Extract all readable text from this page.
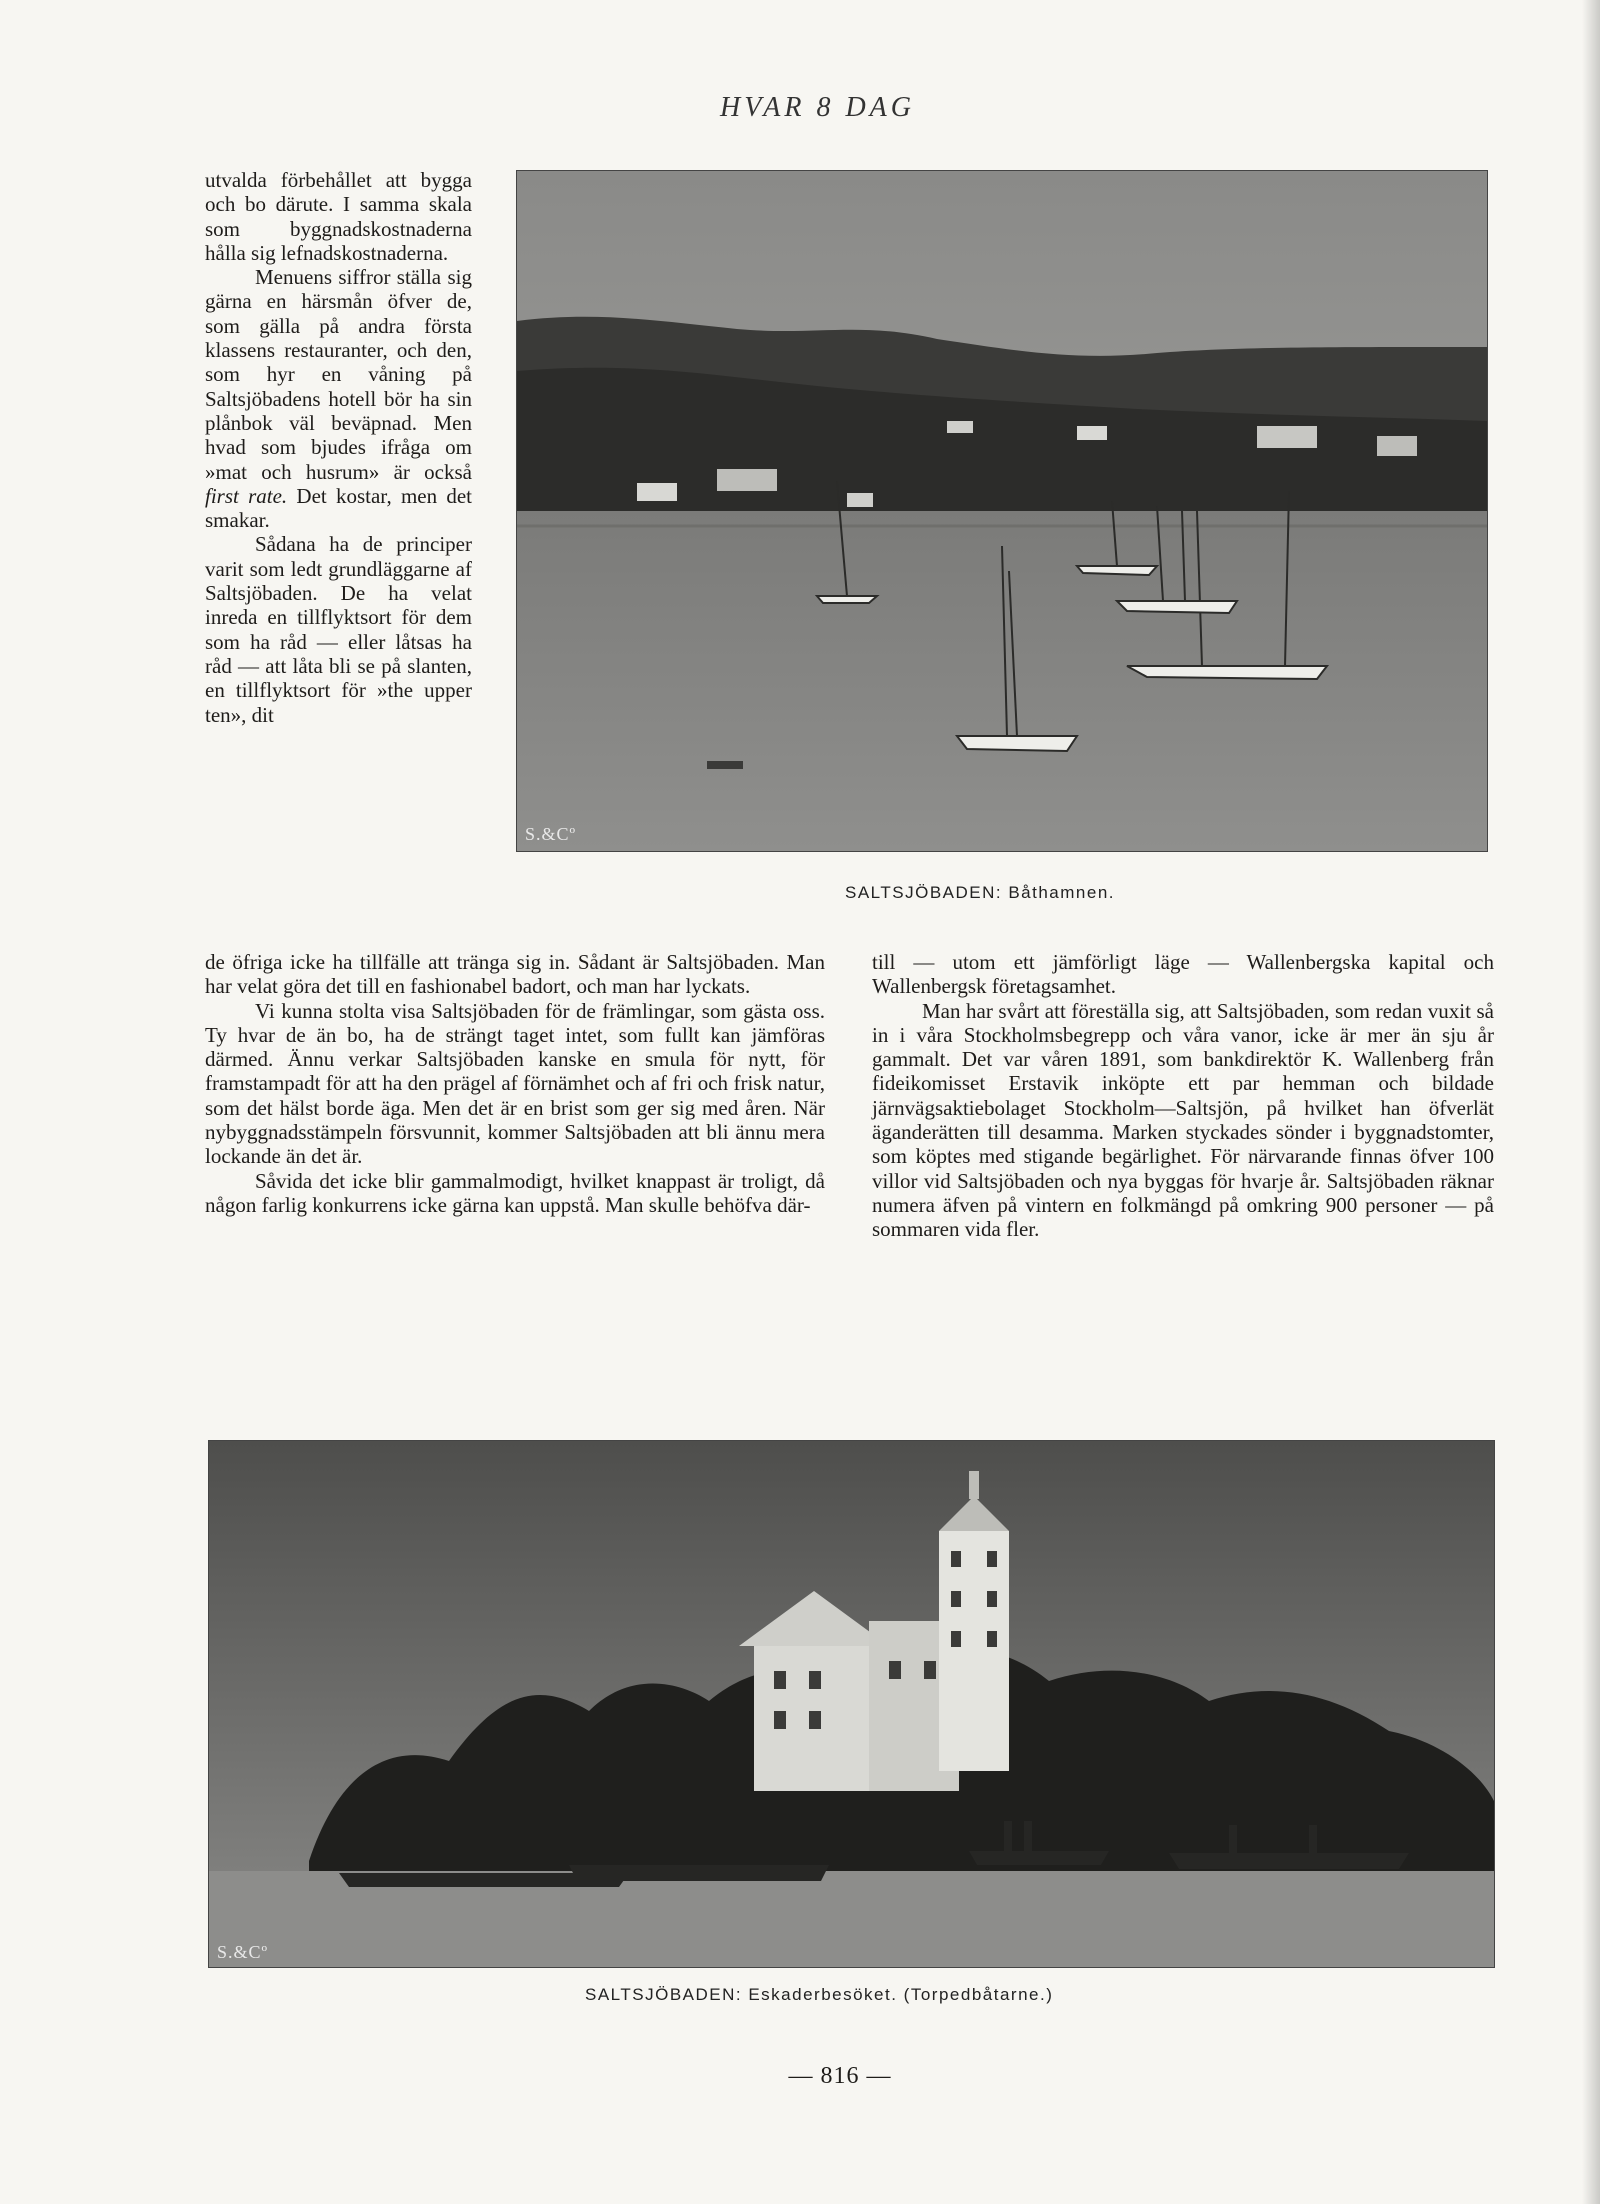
HVAR 8 DAG
S.&Cº
SALTSJÖBADEN: Båthamnen.

utvalda förbehållet att bygga och bo därute. I samma skala som byggnadskostnaderna hålla sig lefnadskostnaderna.

Menuens siffror ställa sig gärna en härsmån öfver de, som gälla på andra första klassens restauranter, och den, som hyr en våning på Saltsjöbadens hotell bör ha sin plånbok väl beväpnad. Men hvad som bjudes ifråga om »mat och husrum» är också first rate. Det kostar, men det smakar.

Sådana ha de principer varit som ledt grundläggarne af Saltsjöbaden. De ha velat inreda en tillflyktsort för dem som ha råd — eller låtsas ha råd — att låta bli se på slanten, en tillflyktsort för »the upper ten», dit

de öfriga icke ha tillfälle att tränga sig in. Sådant är Saltsjöbaden. Man har velat göra det till en fashionabel badort, och man har lyckats.

Vi kunna stolta visa Saltsjöbaden för de främlingar, som gästa oss. Ty hvar de än bo, ha de strängt taget intet, som fullt kan jämföras därmed. Ännu verkar Saltsjöbaden kanske en smula för nytt, för framstampadt för att ha den prägel af förnämhet och af fri och frisk natur, som det hälst borde äga. Men det är en brist som ger sig med åren. När nybyggnadsstämpeln försvunnit, kommer Saltsjöbaden att bli ännu mera lockande än det är.

Såvida det icke blir gammalmodigt, hvilket knappast är troligt, då någon farlig konkurrens icke gärna kan uppstå. Man skulle behöfva där-

till — utom ett jämförligt läge — Wallenbergska kapital och Wallenbergsk företagsamhet.

Man har svårt att föreställa sig, att Saltsjöbaden, som redan vuxit så in i våra Stockholmsbegrepp och våra vanor, icke är mer än sju år gammalt. Det var våren 1891, som bankdirektör K. Wallenberg från fideikomisset Erstavik inköpte ett par hemman och bildade järnvägsaktiebolaget Stockholm—Saltsjön, på hvilket han öfverlät äganderätten till desamma. Marken styckades sönder i byggnadstomter, som köptes med stigande begärlighet. För närvarande finnas öfver 100 villor vid Saltsjöbaden och nya byggas för hvarje år. Saltsjöbaden räknar numera äfven på vintern en folkmängd på omkring 900 personer — på sommaren vida fler.

S.&Cº
SALTSJÖBADEN: Eskaderbesöket. (Torpedbåtarne.)
— 816 —
